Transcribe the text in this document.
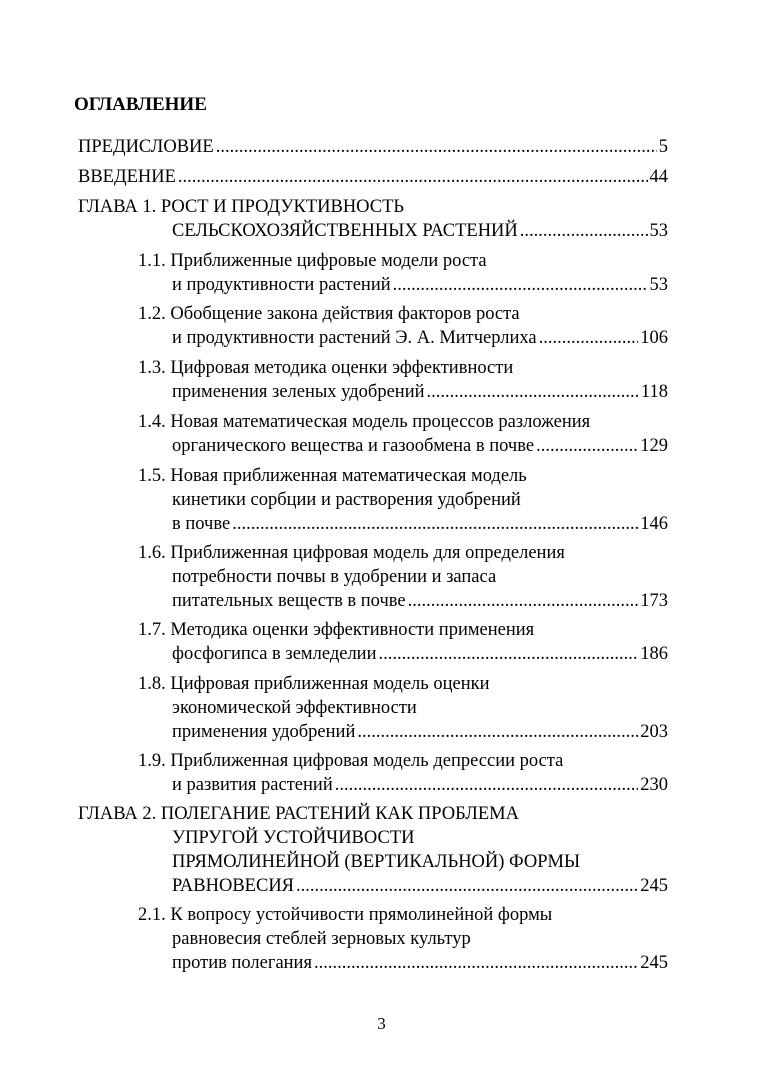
ОГЛАВЛЕНИЕ
ПРЕДИСЛОВИЕ .....	5
ВВЕДЕНИЕ .....	44
ГЛАВА 1. РОСТ И ПРОДУКТИВНОСТЬ
СЕЛЬСКОХОЗЯЙСТВЕННЫХ РАСТЕНИЙ .....	53
1.1. Приближенные цифровые модели роста
и продуктивности растений .....	53
1.2. Обобщение закона действия факторов роста
и продуктивности растений Э. А. Митчерлиха .....	106
1.3. Цифровая методика оценки эффективности
применения зеленых удобрений .....	118
1.4. Новая математическая модель процессов разложения
органического вещества и газообмена в почве .....	129
1.5. Новая приближенная математическая модель
кинетики сорбции и растворения удобрений
в почве .....	146
1.6. Приближенная цифровая модель для определения
потребности почвы в удобрении и запаса
питательных веществ в почве .....	173
1.7. Методика оценки эффективности применения
фосфогипса в земледелии .....	186
1.8. Цифровая приближенная модель оценки
экономической эффективности
применения удобрений .....	203
1.9. Приближенная цифровая модель депрессии роста
и развития растений .....	230
ГЛАВА 2. ПОЛЕГАНИЕ РАСТЕНИЙ КАК ПРОБЛЕМА
УПРУГОЙ УСТОЙЧИВОСТИ
ПРЯМОЛИНЕЙНОЙ (ВЕРТИКАЛЬНОЙ) ФОРМЫ
РАВНОВЕСИЯ .....	245
2.1. К вопросу устойчивости прямолинейной формы
равновесия стеблей зерновых культур
против полегания .....	245
3
